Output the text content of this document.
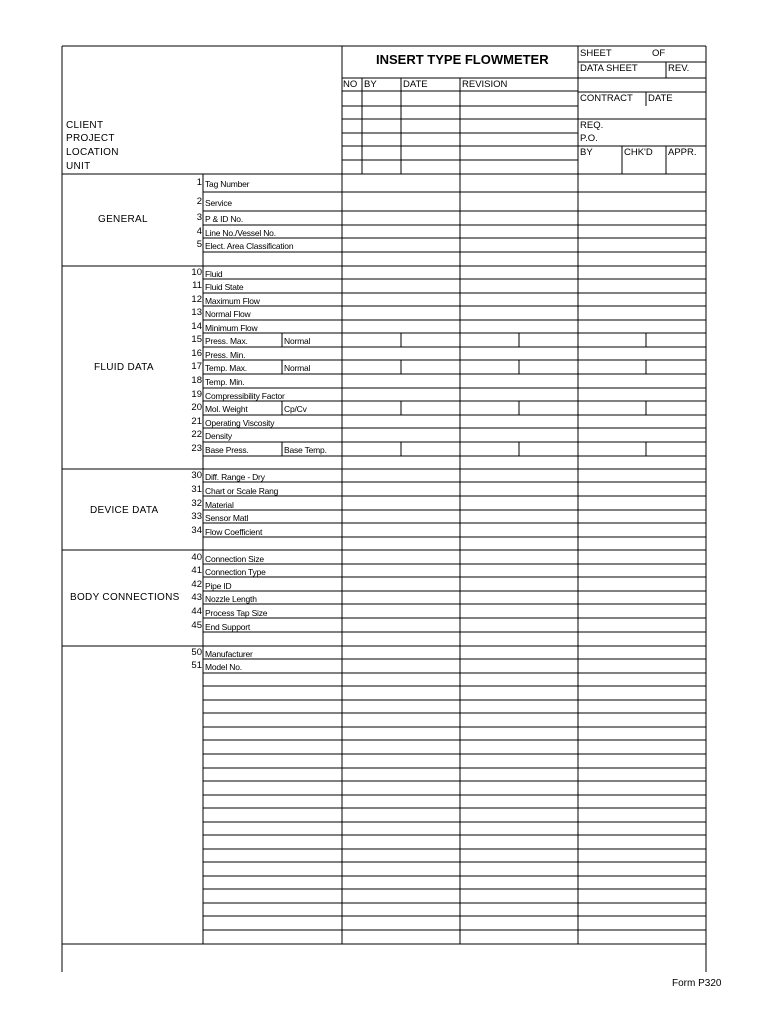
INSERT TYPE FLOWMETER
NO BY	DATE	REVISION
SHEET	OF
DATA SHEET	REV.
CONTRACT DATE
REQ.
P.O.
BY	CHK'D APPR.
CLIENT
PROJECT
LOCATION
UNIT
GENERAL
FLUID DATA
DEVICE DATA
BODY CONNECTIONS
1 Tag Number
2 Service
3 P & ID No.
4 Line No./Vessel No.
5 Elect. Area Classification
10 Fluid
11 Fluid State
12 Maximum Flow
13 Normal Flow
14 Minimum Flow
15 Press. Max.	Normal
16 Press. Min.
17 Temp. Max.	Normal
18 Temp. Min.
19 Compressibility Factor
20 Mol. Weight	Cp/Cv
21 Operating Viscosity
22 Density
23 Base Press.	Base Temp.
30 Diff. Range - Dry
31 Chart or Scale Rang
32 Material
33 Sensor Matl
34 Flow Coefficient
40 Connection Size
41 Connection Type
42 Pipe ID
43 Nozzle Length
44 Process Tap Size
45 End Support
50 Manufacturer
51 Model No.
Form P320
